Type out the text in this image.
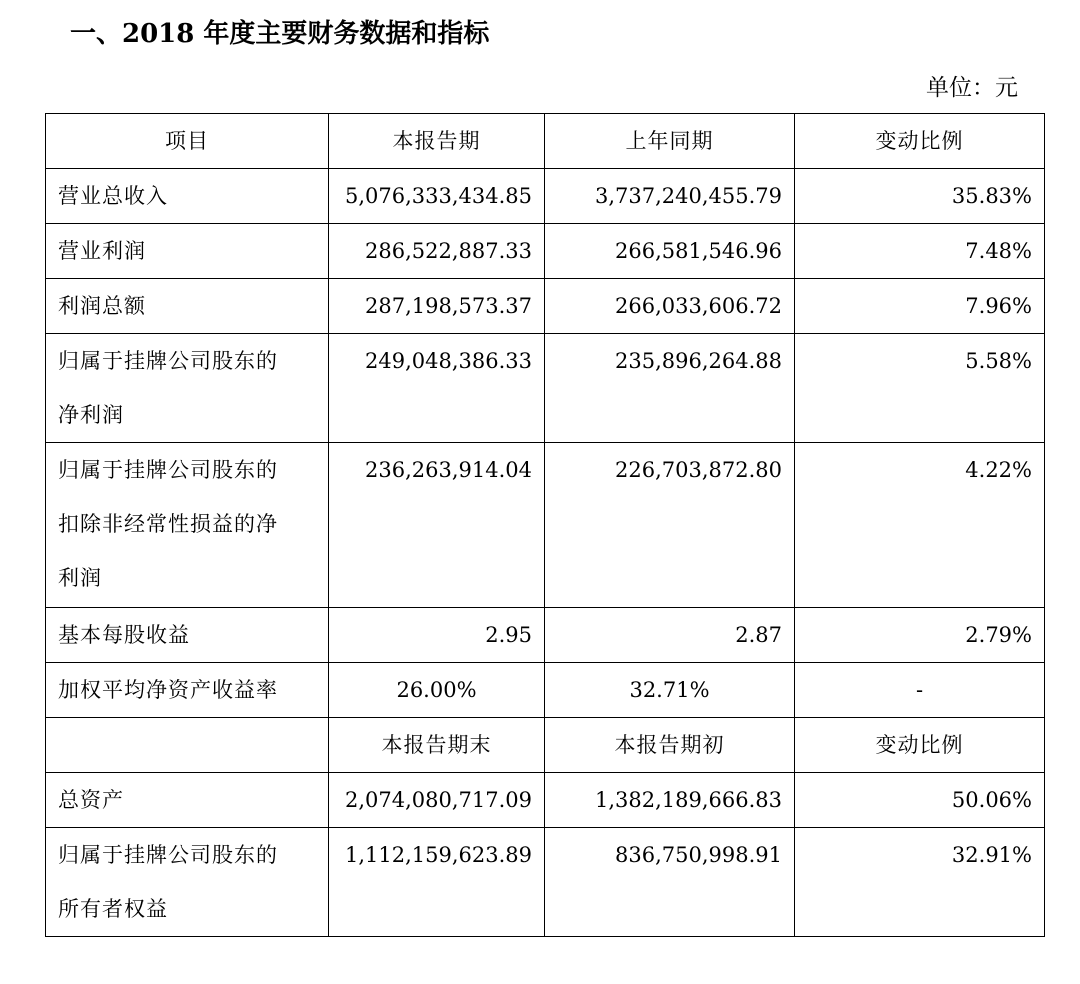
一、2018 年度主要财务数据和指标
单位：元
项目	本报告期	上年同期	变动比例

营业总收入	5,076,333,434.85	3,737,240,455.79	35.83%

营业利润	286,522,887.33	266,581,546.96	7.48%

利润总额	287,198,573.37	266,033,606.72	7.96%

归属于挂牌公司股东的
净利润	249,048,386.33	235,896,264.88	5.58%

归属于挂牌公司股东的
扣除非经常性损益的净
利润	236,263,914.04	226,703,872.80	4.22%

基本每股收益	2.95	2.87	2.79%

加权平均净资产收益率	26.00%	32.71%	-

	本报告期末	本报告期初	变动比例

总资产	2,074,080,717.09	1,382,189,666.83	50.06%

归属于挂牌公司股东的
所有者权益	1,112,159,623.89	836,750,998.91	32.91%
